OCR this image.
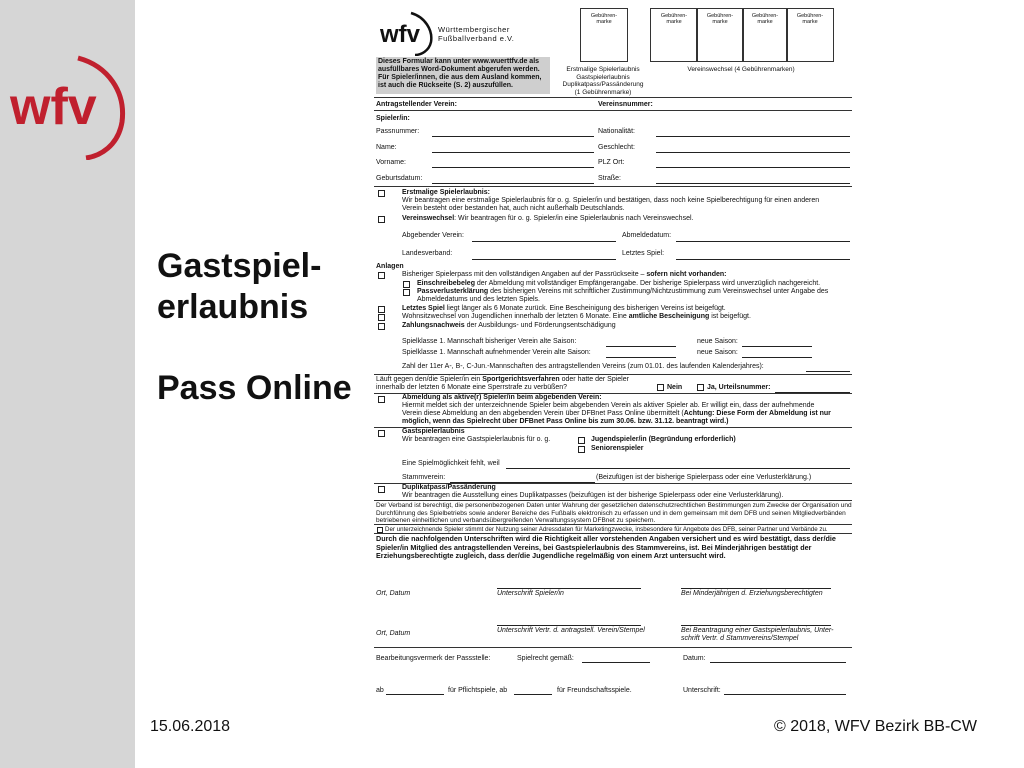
wfv
Gastspiel-
erlaubnis
Pass Online
wfv Württembergischer
Fußballverband e.V.
Dieses Formular kann unter www.wuerttfv.de als
ausfüllbares Word-Dokument abgerufen werden.
Für Spieler/innen, die aus dem Ausland kommen,
ist auch die Rückseite (S. 2) auszufüllen.
Gebühren-
marke
Gebühren-
marke
Gebühren-
marke
Gebühren-
marke
Gebühren-
marke
Erstmalige Spielerlaubnis
Gastspielerlaubnis
Duplikatpass/Passänderung
(1 Gebührenmarke)
Vereinswechsel (4 Gebührenmarken)
Antragstellender Verein:	Vereinsnummer:
Spieler/in:
Passnummer:	Nationalität:
Name:	Geschlecht:
Vorname:	PLZ Ort:
Geburtsdatum:	Straße:
Erstmalige Spielerlaubnis:
Wir beantragen eine erstmalige Spielerlaubnis für o. g. Spieler/in und bestätigen, dass noch keine Spielberechtigung für einen anderen
Verein besteht oder bestanden hat, auch nicht außerhalb Deutschlands.
Vereinswechsel: Wir beantragen für o. g. Spieler/in eine Spielerlaubnis nach Vereinswechsel.
Abgebender Verein:	Abmeldedatum:
Landesverband:	Letztes Spiel:
Anlagen
Bisheriger Spielerpass mit den vollständigen Angaben auf der Passrückseite – sofern nicht vorhanden:
Einschreibebeleg der Abmeldung mit vollständiger Empfängerangabe. Der bisherige Spielerpass wird unverzüglich nachgereicht.
Passverlusterklärung des bisherigen Vereins mit schriftlicher Zustimmung/Nichtzustimmung zum Vereinswechsel unter Angabe des
Abmeldedatums und des letzten Spiels.
Letztes Spiel liegt länger als 6 Monate zurück. Eine Bescheinigung des bisherigen Vereins ist beigefügt.
Wohnsitzwechsel von Jugendlichen innerhalb der letzten 6 Monate. Eine amtliche Bescheinigung ist beigefügt.
Zahlungsnachweis der Ausbildungs- und Förderungsentschädigung
Spielklasse 1. Mannschaft bisheriger Verein alte Saison:	neue Saison:
Spielklasse 1. Mannschaft aufnehmender Verein alte Saison:	neue Saison:
Zahl der 11er A-, B-, C-Jun.-Mannschaften des antragstellenden Vereins (zum 01.01. des laufenden Kalenderjahres):
Läuft gegen den/die Spieler/in ein Sportgerichtsverfahren oder hatte der Spieler
innerhalb der letzten 6 Monate eine Sperrstrafe zu verbüßen?	Nein	Ja, Urteilsnummer:
Abmeldung als aktive(r) Spieler/in beim abgebenden Verein:
Hiermit meldet sich der unterzeichnende Spieler beim abgebenden Verein als aktiver Spieler ab. Er willigt ein, dass der aufnehmende
Verein diese Abmeldung an den abgebenden Verein über DFBnet Pass Online übermittelt (Achtung: Diese Form der Abmeldung ist nur
möglich, wenn das Spielrecht über DFBnet Pass Online bis zum 30.06. bzw. 31.12. beantragt wird.)
Gastspielerlaubnis
Wir beantragen eine Gastspielerlaubnis für o. g.	Jugendspieler/in (Begründung erforderlich)
Seniorenspieler
Eine Spielmöglichkeit fehlt, weil
Stammverein:	(Beizufügen ist der bisherige Spielerpass oder eine Verlusterklärung.)
Duplikatpass/Passänderung
Wir beantragen die Ausstellung eines Duplikatpasses (beizufügen ist der bisherige Spielerpass oder eine Verlusterklärung).
Der Verband ist berechtigt, die personenbezogenen Daten unter Wahrung der gesetzlichen datenschutzrechtlichen Bestimmungen zum Zwecke der Organisation und
Durchführung des Spielbetriebs sowie anderer Bereiche des Fußballs elektronisch zu erfassen und in dem gemeinsam mit dem DFB und seinen Mitgliedverbänden
betriebenen einheitlichen und verbandsübergreifenden Verwaltungssystem DFBnet zu speichern.
Der unterzeichnende Spieler stimmt der Nutzung seiner Adressdaten für Marketingzwecke, insbesondere für Angebote des DFB, seiner Partner und Verbände zu.
Durch die nachfolgenden Unterschriften wird die Richtigkeit aller vorstehenden Angaben versichert und es wird bestätigt, dass der/die
Spieler/in Mitglied des antragstellenden Vereins, bei Gastspielerlaubnis des Stammvereins, ist. Bei Minderjährigen bestätigt der
Erziehungsberechtigte zugleich, dass der/die Jugendliche regelmäßig von einem Arzt untersucht wird.
Ort, Datum	Unterschrift Spieler/in	Bei Minderjährigen d. Erziehungsberechtigten
Ort, Datum	Unterschrift Vertr. d. antragstell. Verein/Stempel	Bei Beantragung einer Gastspielerlaubnis, Unter-
schrift Vertr. d Stammvereins/Stempel
Bearbeitungsvermerk der Passstelle:	Spielrecht gemäß:	Datum:
ab	für Pflichtspiele, ab	für Freundschaftsspiele.	Unterschrift:
15.06.2018	© 2018, WFV Bezirk BB-CW
